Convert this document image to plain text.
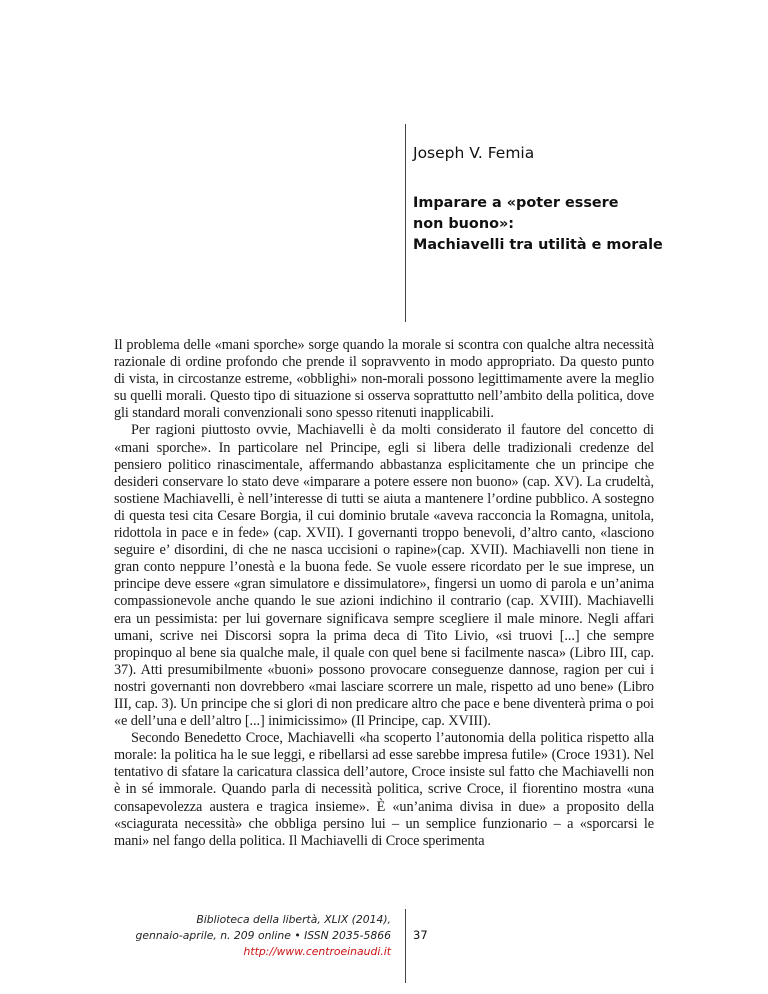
Joseph V. Femia
Imparare a «poter essere
non buono»:
Machiavelli tra utilità e morale

Il problema delle «mani sporche» sorge quando la morale si scontra con qualche altra necessità razionale di ordine profondo che prende il sopravvento in modo appropriato. Da questo punto di vista, in circostanze estreme, «obblighi» non-morali possono legittimamente avere la meglio su quelli morali. Questo tipo di situazione si osserva soprattutto nell’ambito della politica, dove gli standard morali convenzionali sono spesso ritenuti inapplicabili.

Per ragioni piuttosto ovvie, Machiavelli è da molti considerato il fautore del concetto di «mani sporche». In particolare nel Principe, egli si libera delle tradizionali credenze del pensiero politico rinascimentale, affermando abbastanza esplicitamente che un principe che desideri conservare lo stato deve «imparare a potere essere non buono» (cap. XV). La crudeltà, sostiene Machiavelli, è nell’interesse di tutti se aiuta a mantenere l’ordine pubblico. A sostegno di questa tesi cita Cesare Borgia, il cui dominio brutale «aveva racconcia la Romagna, unitola, ridottola in pace e in fede» (cap. XVII). I governanti troppo benevoli, d’altro canto, «lasciono seguire e’ disordini, di che ne nasca uccisioni o rapine»(cap. XVII). Machiavelli non tiene in gran conto neppure l’onestà e la buona fede. Se vuole essere ricordato per le sue imprese, un principe deve essere «gran simulatore e dissimulatore», fingersi un uomo di parola e un’anima compassionevole anche quando le sue azioni indichino il contrario (cap. XVIII). Machiavelli era un pessimista: per lui governare significava sempre scegliere il male minore. Negli affari umani, scrive nei Discorsi sopra la prima deca di Tito Livio, «si truovi [...] che sempre propinquo al bene sia qualche male, il quale con quel bene si facilmente nasca» (Libro III, cap. 37). Atti presumibilmente «buoni» possono provocare conseguenze dannose, ragion per cui i nostri governanti non dovrebbero «mai lasciare scorrere un male, rispetto ad uno bene» (Libro III, cap. 3). Un principe che si glori di non predicare altro che pace e bene diventerà prima o poi «e dell’una e dell’altro [...] inimicissimo» (Il Principe, cap. XVIII).

Secondo Benedetto Croce, Machiavelli «ha scoperto l’autonomia della politica rispetto alla morale: la politica ha le sue leggi, e ribellarsi ad esse sarebbe impresa futile» (Croce 1931). Nel tentativo di sfatare la caricatura classica dell’autore, Croce insiste sul fatto che Machiavelli non è in sé immorale. Quando parla di necessità politica, scrive Croce, il fiorentino mostra «una consapevolezza austera e tragica insieme». È «un’anima divisa in due» a proposito della «sciagurata necessità» che obbliga persino lui – un semplice funzionario – a «sporcarsi le mani» nel fango della politica. Il Machiavelli di Croce sperimenta

Biblioteca della libertà, XLIX (2014),
gennaio-aprile, n. 209 online • ISSN 2035-5866
http://www.centroeinaudi.it
37
